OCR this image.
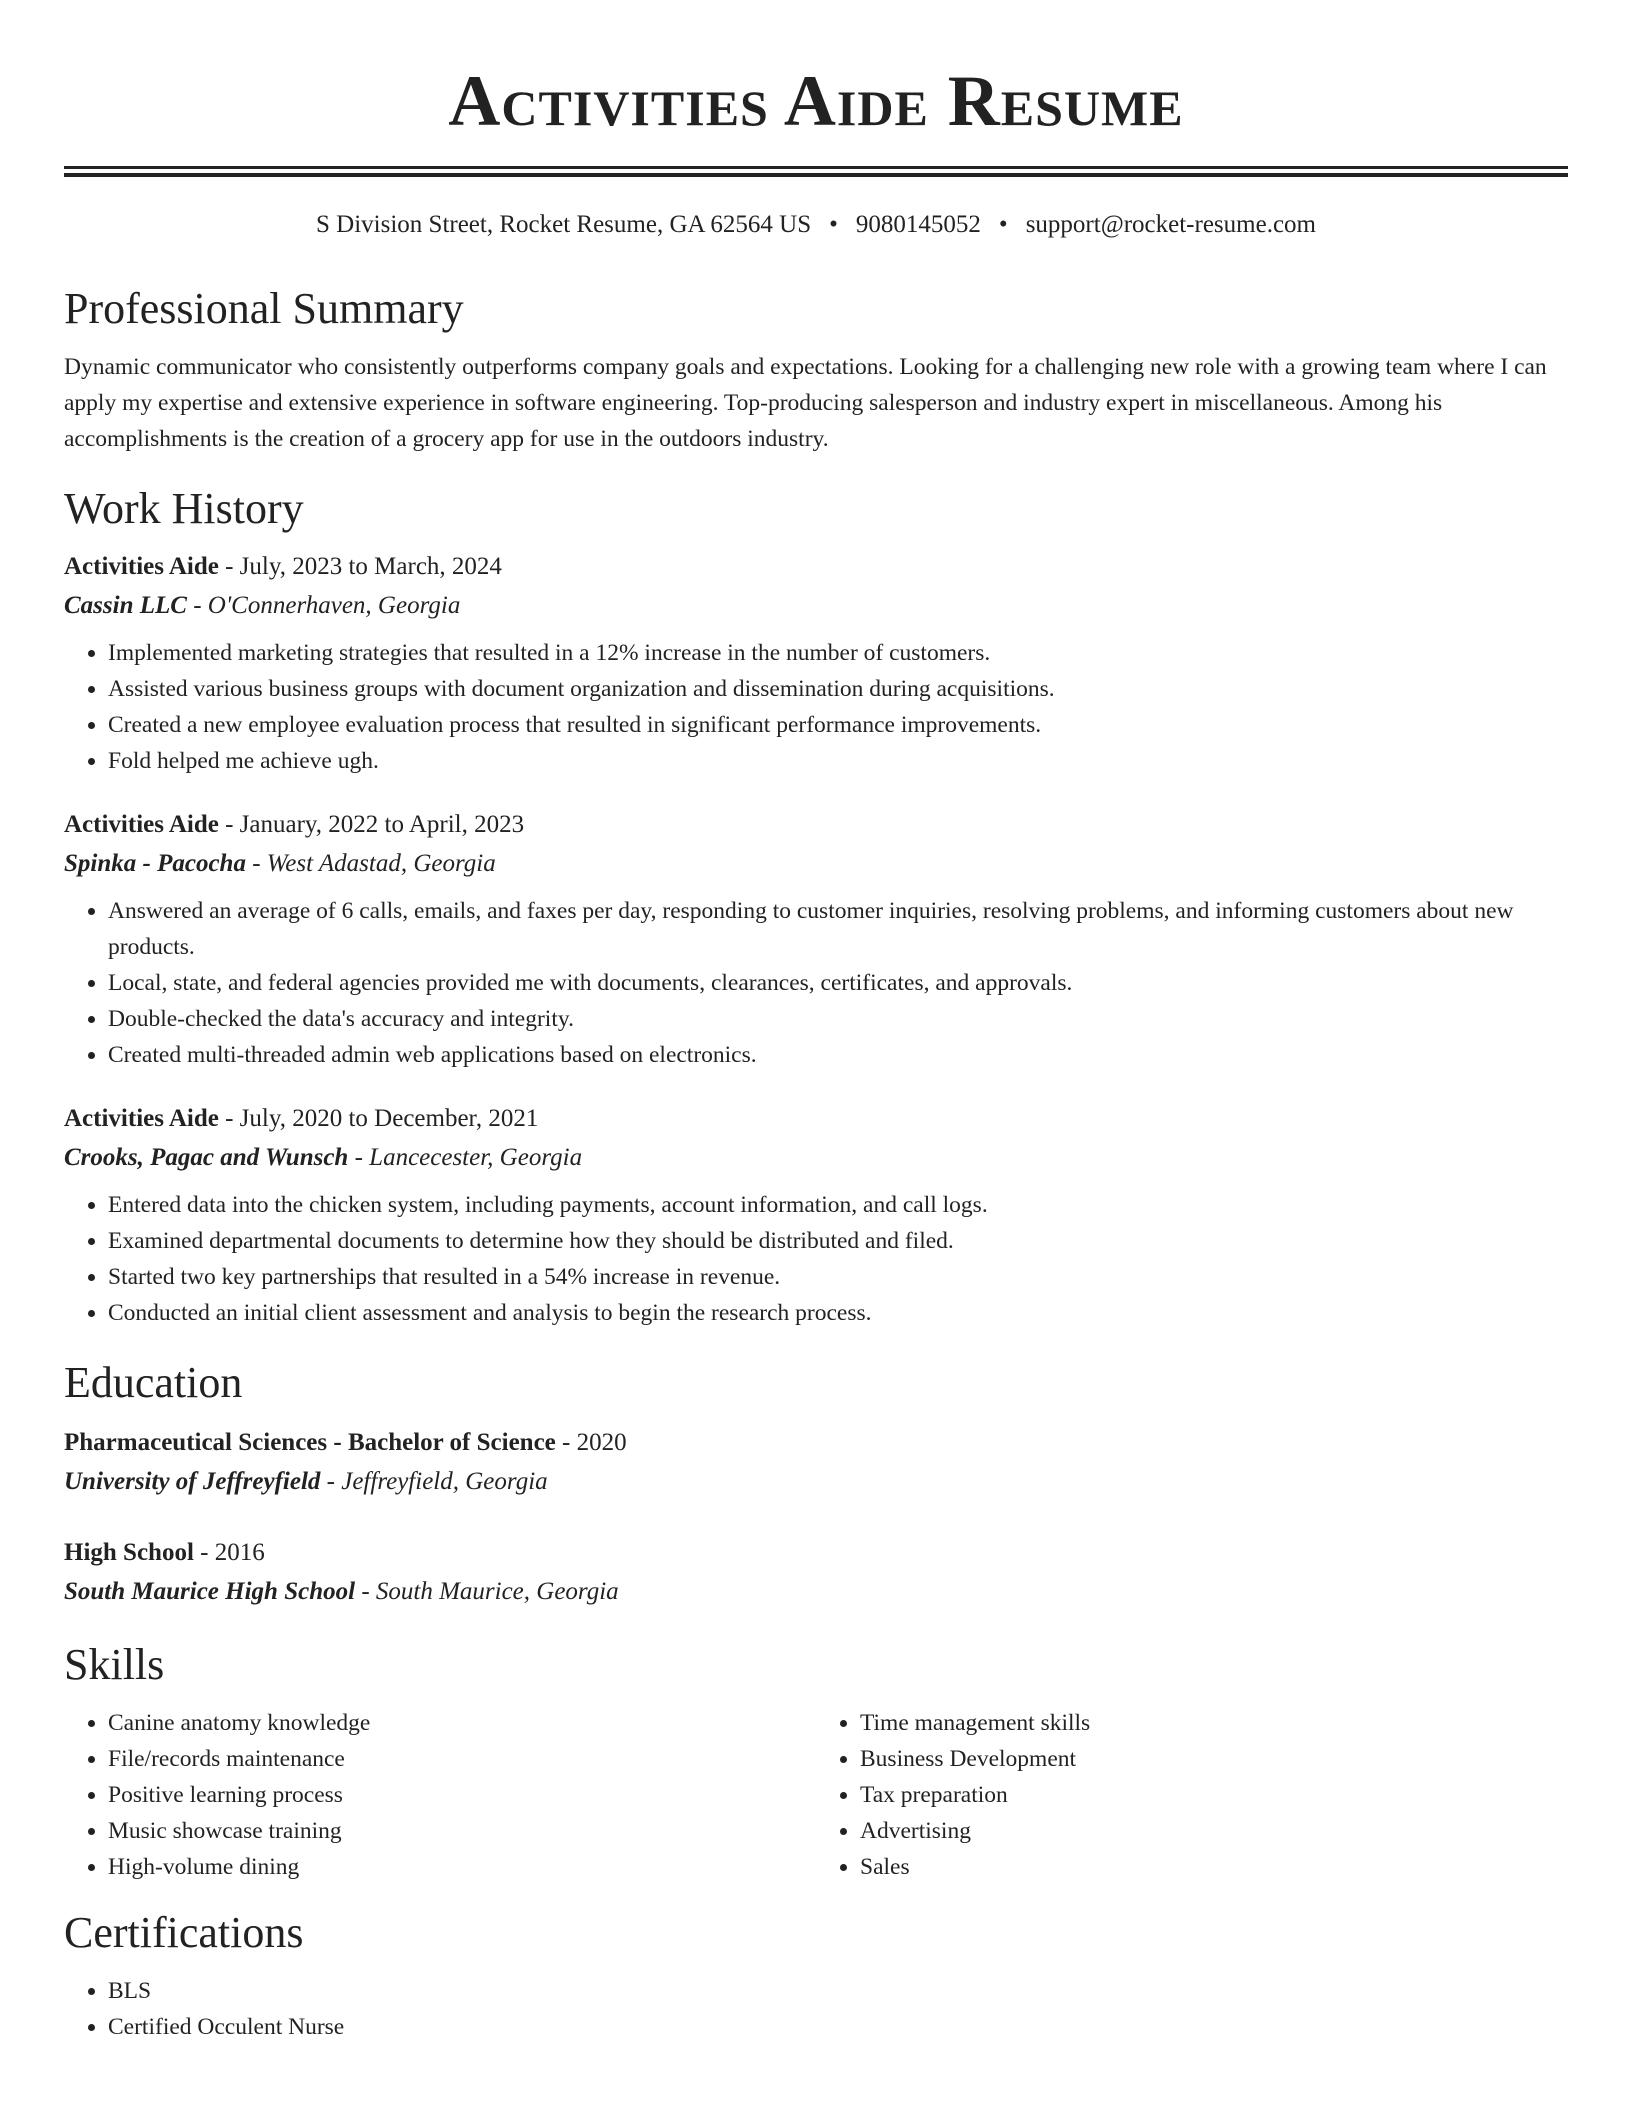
Activities Aide Resume
S Division Street, Rocket Resume, GA 62564 US • 9080145052 • support@rocket-resume.com
Professional Summary

Dynamic communicator who consistently outperforms company goals and expectations. Looking for a challenging new role with a growing team where I can apply my expertise and extensive experience in software engineering. Top-producing salesperson and industry expert in miscellaneous. Among his accomplishments is the creation of a grocery app for use in the outdoors industry.

Work History
Activities Aide - July, 2023 to March, 2024
Cassin LLC - O'Connerhaven, Georgia
• Implemented marketing strategies that resulted in a 12% increase in the number of customers.
• Assisted various business groups with document organization and dissemination during acquisitions.
• Created a new employee evaluation process that resulted in significant performance improvements.
• Fold helped me achieve ugh.
Activities Aide - January, 2022 to April, 2023
Spinka - Pacocha - West Adastad, Georgia
• Answered an average of 6 calls, emails, and faxes per day, responding to customer inquiries, resolving problems, and informing customers about new products.
• Local, state, and federal agencies provided me with documents, clearances, certificates, and approvals.
• Double-checked the data's accuracy and integrity.
• Created multi-threaded admin web applications based on electronics.
Activities Aide - July, 2020 to December, 2021
Crooks, Pagac and Wunsch - Lancecester, Georgia
• Entered data into the chicken system, including payments, account information, and call logs.
• Examined departmental documents to determine how they should be distributed and filed.
• Started two key partnerships that resulted in a 54% increase in revenue.
• Conducted an initial client assessment and analysis to begin the research process.
Education
Pharmaceutical Sciences - Bachelor of Science - 2020
University of Jeffreyfield - Jeffreyfield, Georgia
High School - 2016
South Maurice High School - South Maurice, Georgia
Skills
• Canine anatomy knowledge
• File/records maintenance
• Positive learning process
• Music showcase training
• High-volume dining
• Time management skills
• Business Development
• Tax preparation
• Advertising
• Sales
Certifications
• BLS
• Certified Occulent Nurse
